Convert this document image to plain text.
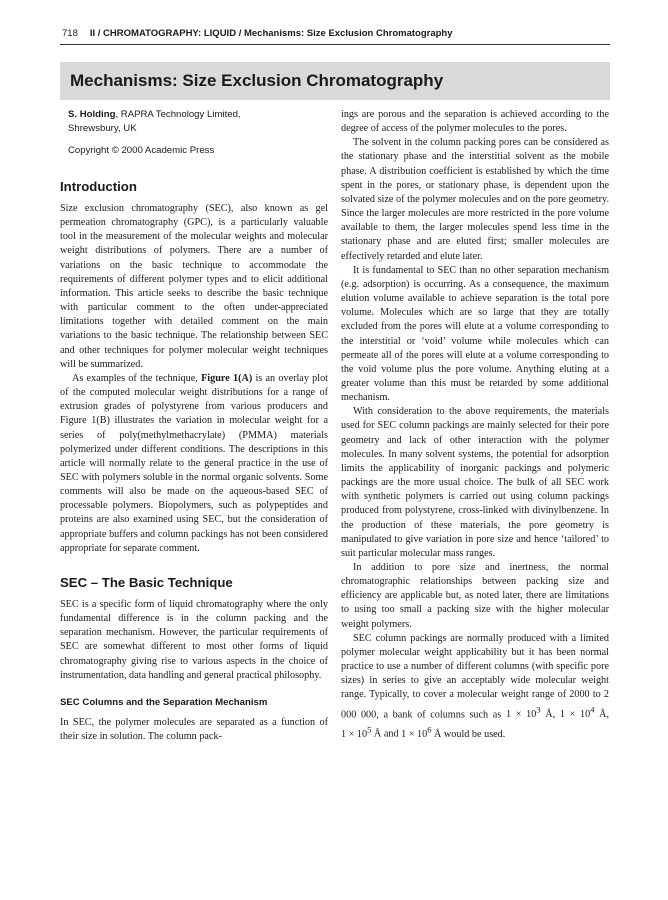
718 II / CHROMATOGRAPHY: LIQUID / Mechanisms: Size Exclusion Chromatography
Mechanisms: Size Exclusion Chromatography
S. Holding, RAPRA Technology Limited,
Shrewsbury, UK
Copyright © 2000 Academic Press
Introduction

Size exclusion chromatography (SEC), also known as gel permeation chromatography (GPC), is a particularly valuable tool in the measurement of the molecular weights and molecular weight distributions of polymers. There are a number of variations on the basic technique to accommodate the requirements of different polymer types and to elicit additional information. This article seeks to describe the basic technique with particular comment to the often under-appreciated limitations together with detailed comment on the main variations to the basic technique. The relationship between SEC and other techniques for polymer molecular weight techniques will be summarized.

As examples of the technique, Figure 1(A) is an overlay plot of the computed molecular weight distributions for a range of extrusion grades of polystyrene from various producers and Figure 1(B) illustrates the variation in molecular weight for a series of poly(methylmethacrylate) (PMMA) materials polymerized under different conditions. The descriptions in this article will normally relate to the general practice in the use of SEC with polymers soluble in the normal organic solvents. Some comments will also be made on the aqueous-based SEC of processable polymers. Biopolymers, such as polypeptides and proteins are also examined using SEC, but the consideration of appropriate buffers and column packings has not been considered appropriate for separate comment.

SEC – The Basic Technique

SEC is a specific form of liquid chromatography where the only fundamental difference is in the column packing and the separation mechanism. However, the particular requirements of SEC are somewhat different to most other forms of liquid chromatography giving rise to various aspects in the choice of instrumentation, data handling and general practical philosophy.

SEC Columns and the Separation Mechanism

In SEC, the polymer molecules are separated as a function of their size in solution. The column pack-

ings are porous and the separation is achieved according to the degree of access of the polymer molecules to the pores.

The solvent in the column packing pores can be considered as the stationary phase and the interstitial solvent as the mobile phase. A distribution coefficient is established by which the time spent in the pores, or stationary phase, is dependent upon the solvated size of the polymer molecules and on the pore geometry. Since the larger molecules are more restricted in the pore volume available to them, the larger molecules spend less time in the stationary phase and are eluted first; smaller molecules are effectively retarded and elute later.

It is fundamental to SEC than no other separation mechanism (e.g. adsorption) is occurring. As a consequence, the maximum elution volume available to achieve separation is the total pore volume. Molecules which are so large that they are totally excluded from the pores will elute at a volume corresponding to the interstitial or ‘void’ volume while molecules which can permeate all of the pores will elute at a volume corresponding to the void volume plus the pore volume. Anything eluting at a greater volume than this must be retarded by some additional mechanism.

With consideration to the above requirements, the materials used for SEC column packings are mainly selected for their pore geometry and lack of other interaction with the polymer molecules. In many solvent systems, the potential for adsorption limits the applicability of inorganic packings and polymeric packings are the more usual choice. The bulk of all SEC work with synthetic polymers is carried out using column packings produced from polystyrene, cross-linked with divinylbenzene. In the production of these materials, the pore geometry is manipulated to give variation in pore size and hence ‘tailored’ to suit particular molecular mass ranges.

In addition to pore size and inertness, the normal chromatographic relationships between packing size and efficiency are applicable but, as noted later, there are limitations to using too small a packing size with the higher molecular weight polymers.

SEC column packings are normally produced with a limited polymer molecular weight applicability but it has been normal practice to use a number of different columns (with specific pore sizes) in series to give an acceptably wide molecular weight range. Typically, to cover a molecular weight range of 2000 to 2 000 000, a bank of columns such as $1 \times 10^3$ Å, $1 \times 10^4$ Å, $1 \times 10^5$ Å and $1 \times 10^6$ Å would be used.
